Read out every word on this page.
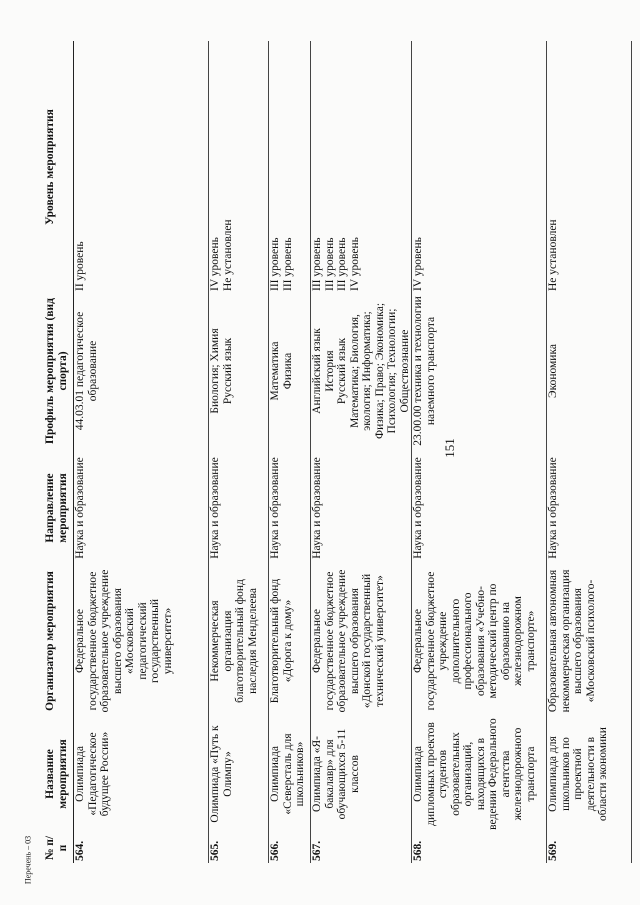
151
Перечень – 03 № п/п	Название мероприятия	Организатор мероприятия	Направление мероприятия	Профиль мероприятия (вид спорта)	Уровень мероприятия
564.	Олимпиада «Педагогическое будущее России»	Федеральное государственное бюджетное образовательное учреждение высшего образования «Московский педагогический государственный университет»	Наука и образование	44.03.01 педагогическое образование	II уровень

565.	Олимпиада «Путь к Олимпу»	Некоммерческая организация благотворительный фонд наследия Менделеева	Наука и образование	Биология; Химия Русский язык	IV уровень Не установлен

566.	Олимпиада «Северсталь для школьников»	Благотворительный фонд «Дорога к дому»	Наука и образование	Математика Физика	III уровень III уровень

567.	Олимпиада «Я-бакалавр» для обучающихся 5-11 классов	Федеральное государственное бюджетное образовательное учреждение высшего образования «Донской государственный технический университет»	Наука и образование	Английский язык История Русский язык Математика; Биология, экология; Информатика; Физика; Право; Экономика; Психология; Технологии; Обществознание	III уровень III уровень III уровень IV уровень

568.	Олимпиада дипломных проектов студентов образовательных организаций, находящихся в ведении Федерального агентства железнодорожного транспорта	Федеральное государственное бюджетное учреждение дополнительного профессионального образования «Учебно-методический центр по образованию на железнодорожном транспорте»	Наука и образование	23.00.00 техника и технологии наземного транспорта	IV уровень

569.	Олимпиада для школьников по проектной деятельности в области экономики	Образовательная автономная некоммерческая организация высшего образования «Московский психолого-	Наука и образование	Экономика	Не установлен
